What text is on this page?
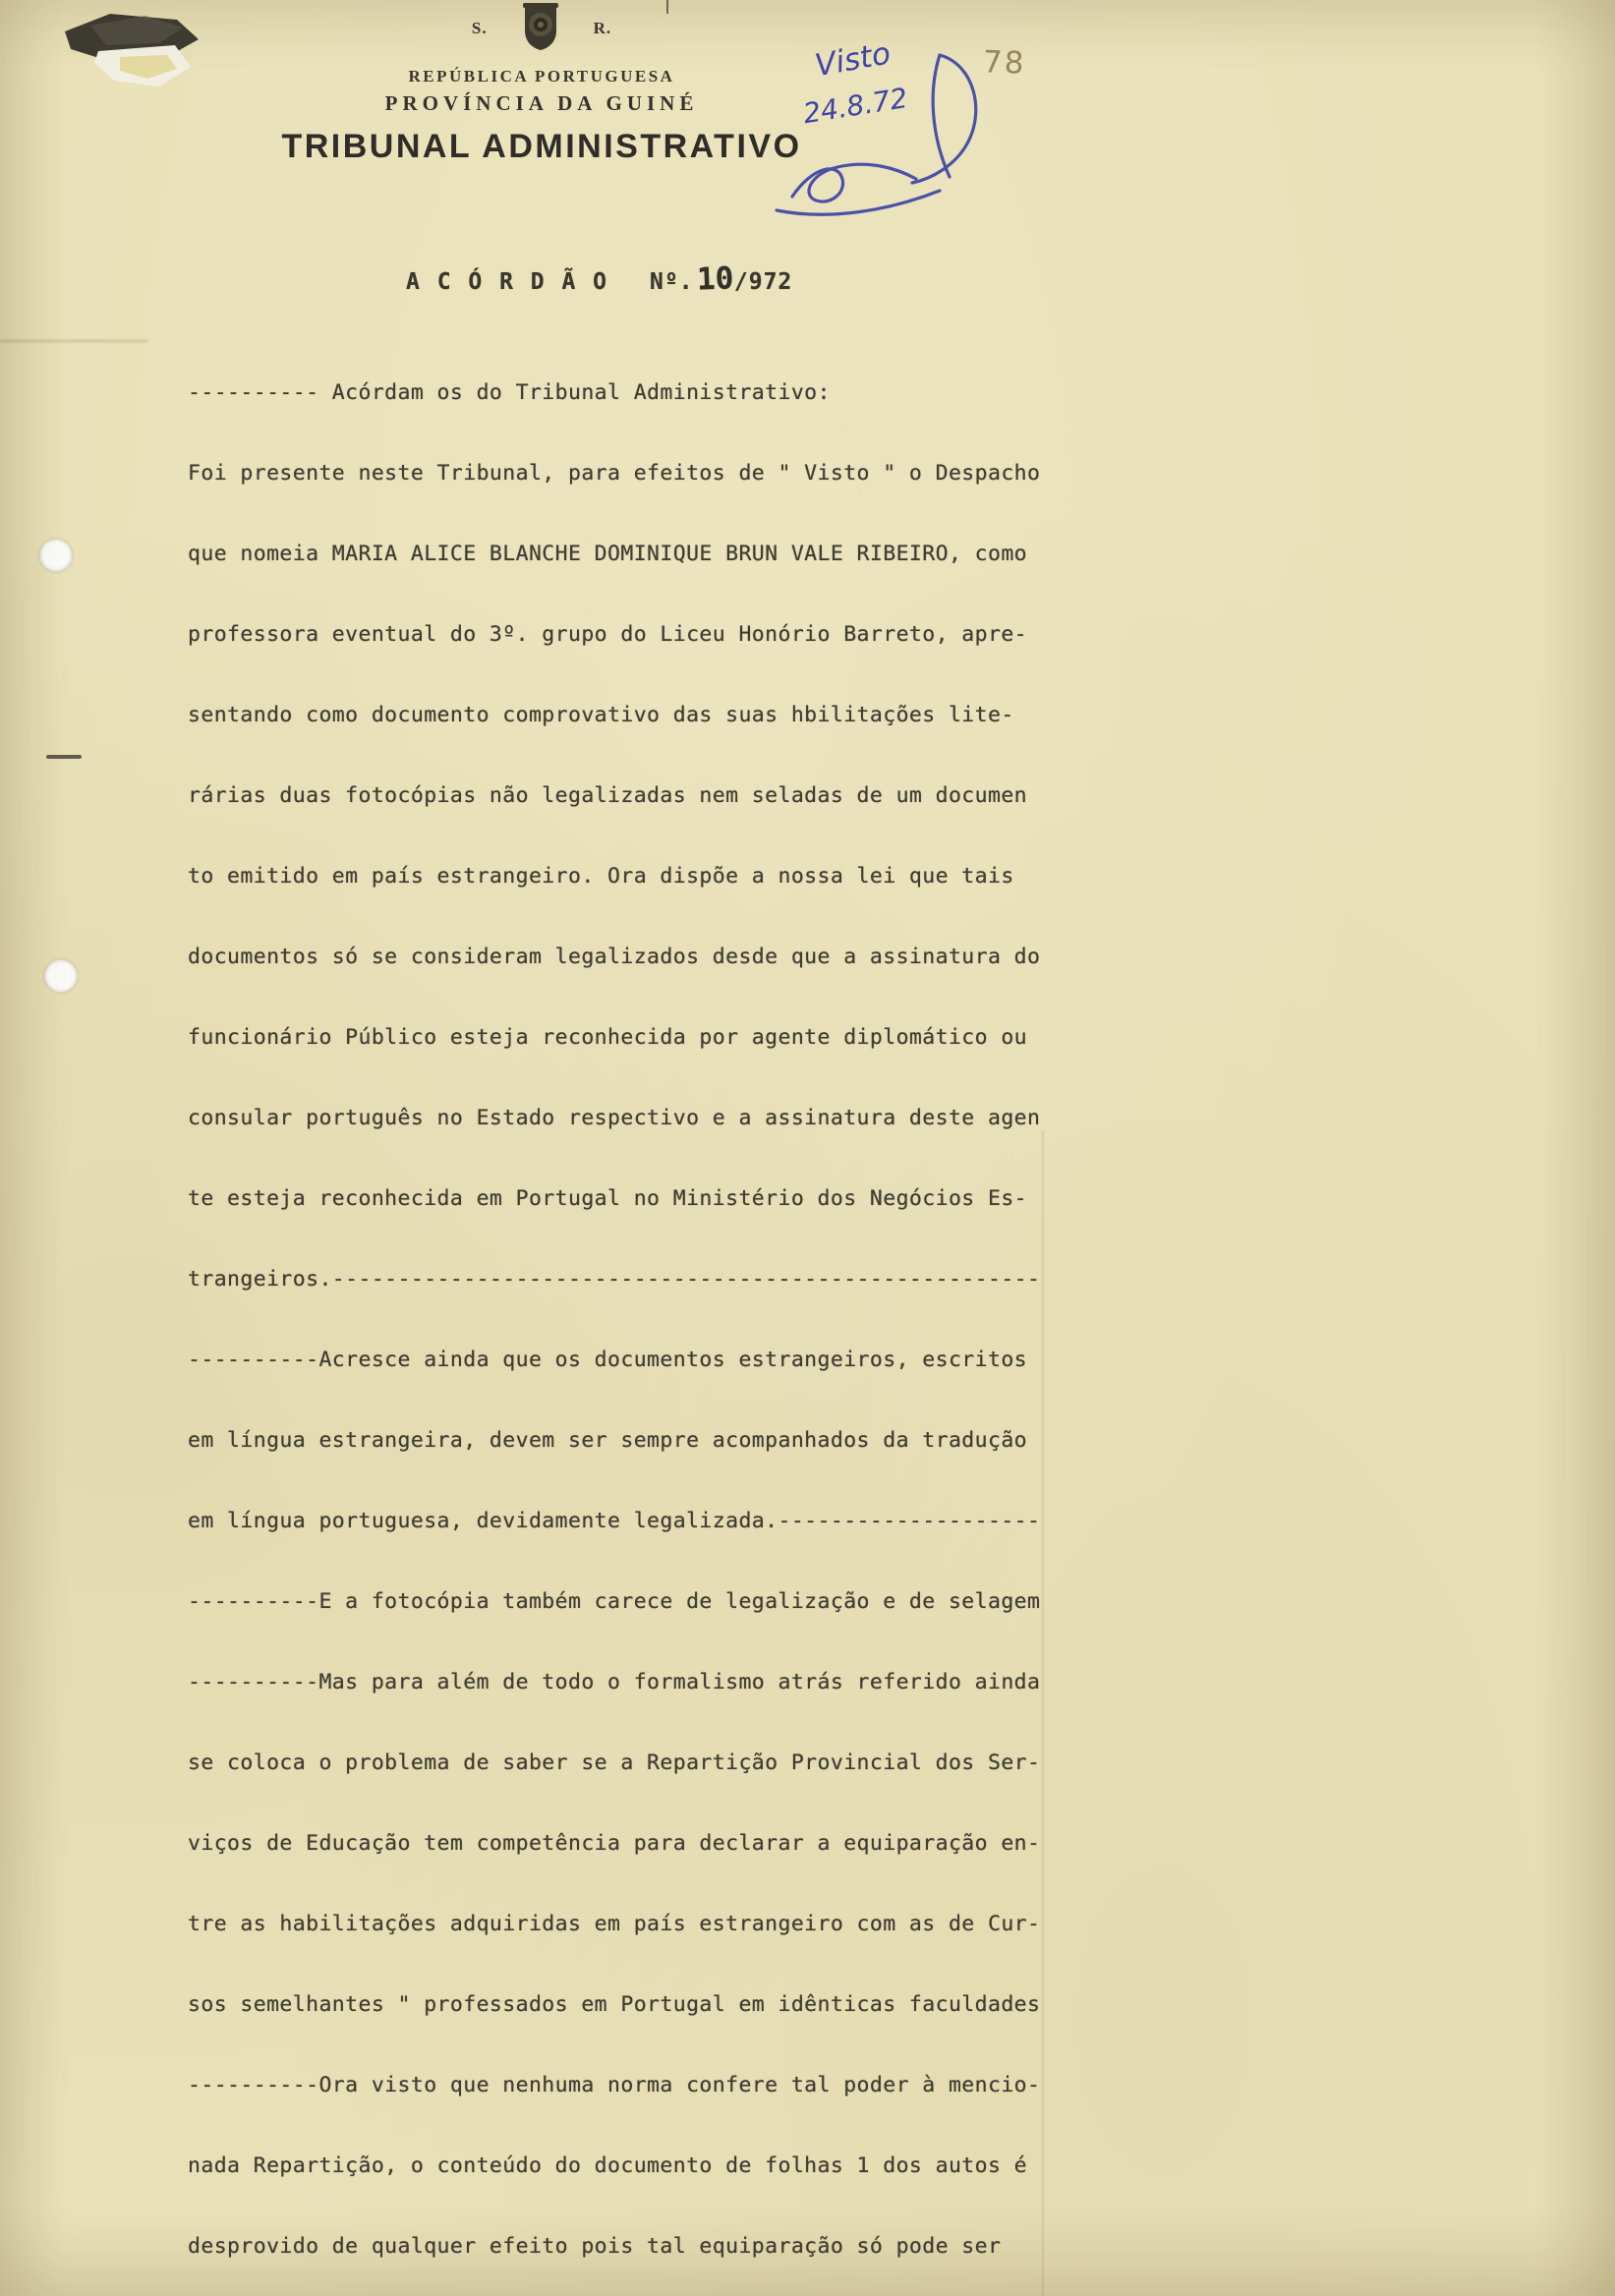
S.	R.
REPÚBLICA PORTUGUESA
PROVÍNCIA DA GUINÉ
TRIBUNAL ADMINISTRATIVO
Visto
24.8.72
78
A C Ó R D Ã O Nº. 10 /972
---------- Acórdam os do Tribunal Administrativo:
Foi presente neste Tribunal, para efeitos de " Visto " o Despacho
que nomeia MARIA ALICE BLANCHE DOMINIQUE BRUN VALE RIBEIRO, como
professora eventual do 3º. grupo do Liceu Honório Barreto, apre-
sentando como documento comprovativo das suas hbilitações lite-
rárias duas fotocópias não legalizadas nem seladas de um documen
to emitido em país estrangeiro. Ora dispõe a nossa lei que tais
documentos só se consideram legalizados desde que a assinatura do
funcionário Público esteja reconhecida por agente diplomático ou
consular português no Estado respectivo e a assinatura deste agen
te esteja reconhecida em Portugal no Ministério dos Negócios Es-
trangeiros.------------------------------------------------------
----------Acresce ainda que os documentos estrangeiros, escritos
em língua estrangeira, devem ser sempre acompanhados da tradução
em língua portuguesa, devidamente legalizada.--------------------
----------E a fotocópia também carece de legalização e de selagem
----------Mas para além de todo o formalismo atrás referido ainda
se coloca o problema de saber se a Repartição Provincial dos Ser-
viços de Educação tem competência para declarar a equiparação en-
tre as habilitações adquiridas em país estrangeiro com as de Cur-
sos semelhantes " professados em Portugal em idênticas faculdades
----------Ora visto que nenhuma norma confere tal poder à mencio-
nada Repartição, o conteúdo do documento de folhas 1 dos autos é
desprovido de qualquer efeito pois tal equiparação só pode ser
